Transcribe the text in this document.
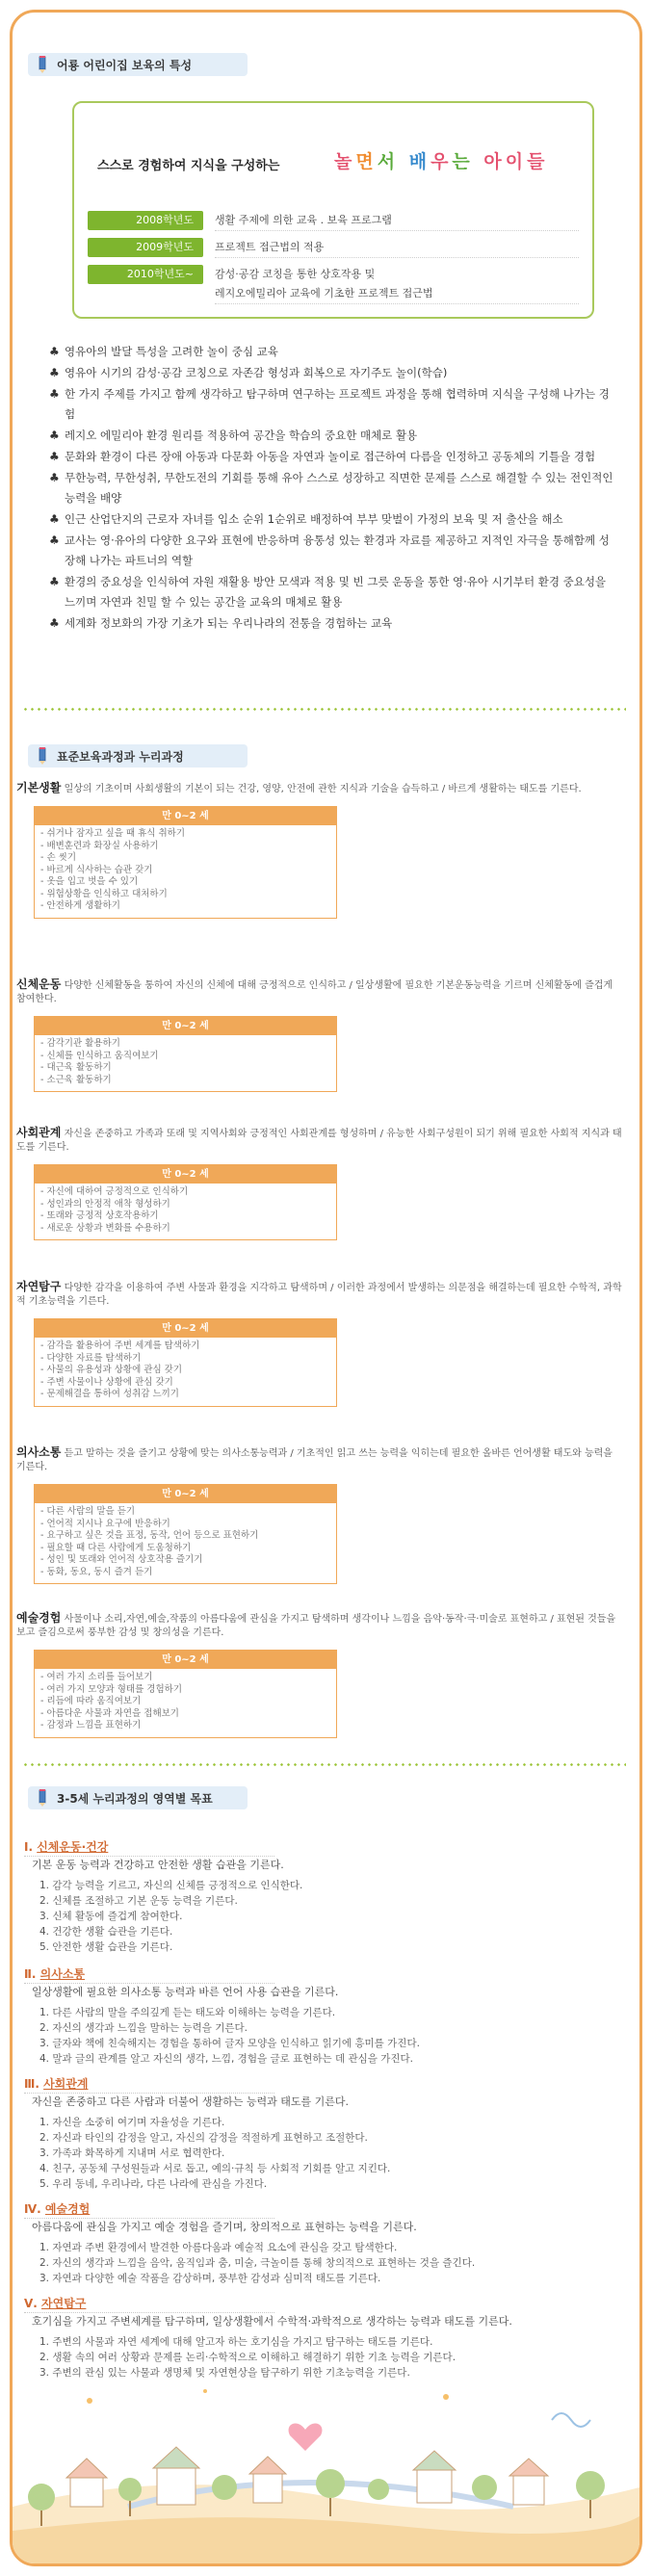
어룡 어린이집 보육의 특성
스스로 경험하여 지식을 구성하는	놀면서 배우는 아이들
2008학년도	생활 주제에 의한 교육 . 보육 프로그램
2009학년도	프로젝트 접근법의 적용
2010학년도~	감성·공감 코칭을 통한 상호작용 및
레지오에밀리아 교육에 기초한 프로젝트 접근법
♣ 영유아의 발달 특성을 고려한 놀이 중심 교육
♣ 영유아 시기의 감성·공감 코칭으로 자존감 형성과 회복으로 자기주도 놀이(학습)
♣ 한 가지 주제를 가지고 함께 생각하고 탐구하며 연구하는 프로젝트 과정을 통해 협력하며 지식을 구성해 나가는 경험
♣ 레지오 에밀리아 환경 원리를 적용하여 공간을 학습의 중요한 매체로 활용
♣ 문화와 환경이 다른 장애 아동과 다문화 아동을 자연과 놀이로 접근하여 다름을 인정하고 공동체의 기틀을 경험
♣ 무한능력, 무한성취, 무한도전의 기회를 통해 유아 스스로 성장하고 직면한 문제를 스스로 해결할 수 있는 전인적인 능력을 배양
♣ 인근 산업단지의 근로자 자녀를 입소 순위 1순위로 배정하여 부부 맞벌이 가정의 보육 및 저 출산을 해소
♣ 교사는 영·유아의 다양한 요구와 표현에 반응하며 융통성 있는 환경과 자료를 제공하고 지적인 자극을 통해함께 성장해 나가는 파트너의 역할
♣ 환경의 중요성을 인식하여 자원 재활용 방안 모색과 적용 및 빈 그릇 운동을 통한 영·유아 시기부터 환경 중요성을 느끼며 자연과 친밀 할 수 있는 공간을 교육의 매체로 활용
♣ 세계화 정보화의 가장 기초가 되는 우리나라의 전통을 경험하는 교육
표준보육과정과 누리과정
기본생활 일상의 기초이며 사회생활의 기본이 되는 건강, 영양, 안전에 관한 지식과 기술을 습득하고 / 바르게 생활하는 태도를 기른다.
만 0~2 세
- 쉬거나 잠자고 싶을 때 휴식 취하기
- 배변훈련과 화장실 사용하기
- 손 씻기
- 바르게 식사하는 습관 갖기
- 옷을 입고 벗을 수 있기
- 위험상황을 인식하고 대처하기
- 안전하게 생활하기
신체운동 다양한 신체활동을 통하여 자신의 신체에 대해 긍정적으로 인식하고 / 일상생활에 필요한 기본운동능력을 기르며 신체활동에 즐겁게 참여한다.
만 0~2 세
- 감각기관 활용하기
- 신체를 인식하고 움직여보기
- 대근육 활동하기
- 소근육 활동하기
사회관계 자신을 존중하고 가족과 또래 및 지역사회와 긍정적인 사회관계를 형성하며 / 유능한 사회구성원이 되기 위해 필요한 사회적 지식과 태도를 기른다.
만 0~2 세
- 자신에 대하여 긍정적으로 인식하기
- 성인과의 안정적 애착 형성하기
- 또래와 긍정적 상호작용하기
- 새로운 상황과 변화를 수용하기
자연탐구 다양한 감각을 이용하여 주변 사물과 환경을 지각하고 탐색하며 / 이러한 과정에서 발생하는 의문점을 해결하는데 필요한 수학적, 과학적 기초능력을 기른다.
만 0~2 세
- 감각을 활용하여 주변 세계를 탐색하기
- 다양한 자료를 탐색하기
- 사물의 유용성과 상황에 관심 갖기
- 주변 사물이나 상황에 관심 갖기
- 문제해결을 통하여 성취감 느끼기
의사소통 듣고 말하는 것을 즐기고 상황에 맞는 의사소통능력과 / 기초적인 읽고 쓰는 능력을 익히는데 필요한 올바른 언어생활 태도와 능력을 기른다.
만 0~2 세
- 다른 사람의 말을 듣기
- 언어적 지시나 요구에 반응하기
- 요구하고 싶은 것을 표정, 동작, 언어 등으로 표현하기
- 필요할 때 다른 사람에게 도움청하기
- 성인 및 또래와 언어적 상호작용 즐기기
- 동화, 동요, 동시 즐겨 듣기
예술경험 사물이나 소리,자연,예술,작품의 아름다움에 관심을 가지고 탐색하며 생각이나 느낌을 음악·동작·극·미술로 표현하고 / 표현된 것들을 보고 즐김으로써 풍부한 감성 및 창의성을 기른다.
만 0~2 세
- 여러 가지 소리를 들어보기
- 여러 가지 모양과 형태를 경험하기
- 리듬에 따라 움직여보기
- 아름다운 사물과 자연을 접해보기
- 감정과 느낌을 표현하기
3-5세 누리과정의 영역별 목표
Ⅰ. 신체운동·건강
기본 운동 능력과 건강하고 안전한 생활 습관을 기른다.
1. 감각 능력을 기르고, 자신의 신체를 긍정적으로 인식한다.
2. 신체를 조절하고 기본 운동 능력을 기른다.
3. 신체 활동에 즐겁게 참여한다.
4. 건강한 생활 습관을 기른다.
5. 안전한 생활 습관을 기른다.
Ⅱ. 의사소통
일상생활에 필요한 의사소통 능력과 바른 언어 사용 습관을 기른다.
1. 다른 사람의 말을 주의깊게 듣는 태도와 이해하는 능력을 기른다.
2. 자신의 생각과 느낌을 말하는 능력을 기른다.
3. 글자와 책에 친숙해지는 경험을 통하여 글자 모양을 인식하고 읽기에 흥미를 가진다.
4. 말과 글의 관계를 알고 자신의 생각, 느낌, 경험을 글로 표현하는 데 관심을 가진다.
Ⅲ. 사회관계
자신을 존중하고 다른 사람과 더불어 생활하는 능력과 태도를 기른다.
1. 자신을 소중히 여기며 자율성을 기른다.
2. 자신과 타인의 감정을 알고, 자신의 감정을 적절하게 표현하고 조절한다.
3. 가족과 화목하게 지내며 서로 협력한다.
4. 친구, 공동체 구성원들과 서로 돕고, 예의·규칙 등 사회적 기회를 알고 지킨다.
5. 우리 동네, 우리나라, 다른 나라에 관심을 가진다.
Ⅳ. 예술경험
아름다움에 관심을 가지고 예술 경험을 즐기며, 창의적으로 표현하는 능력을 기른다.
1. 자연과 주변 환경에서 발견한 아름다움과 예술적 요소에 관심을 갖고 탐색한다.
2. 자신의 생각과 느낌을 음악, 움직임과 춤, 미술, 극놀이를 통해 창의적으로 표현하는 것을 즐긴다.
3. 자연과 다양한 예술 작품을 감상하며, 풍부한 감성과 심미적 태도를 기른다.
Ⅴ. 자연탐구
호기심을 가지고 주변세계를 탐구하며, 일상생활에서 수학적·과학적으로 생각하는 능력과 태도를 기른다.
1. 주변의 사물과 자연 세계에 대해 알고자 하는 호기심을 가지고 탐구하는 태도를 기른다.
2. 생활 속의 여러 상황과 문제를 논리·수학적으로 이해하고 해결하기 위한 기초 능력을 기른다.
3. 주변의 관심 있는 사물과 생명체 및 자연현상을 탐구하기 위한 기초능력을 기른다.
